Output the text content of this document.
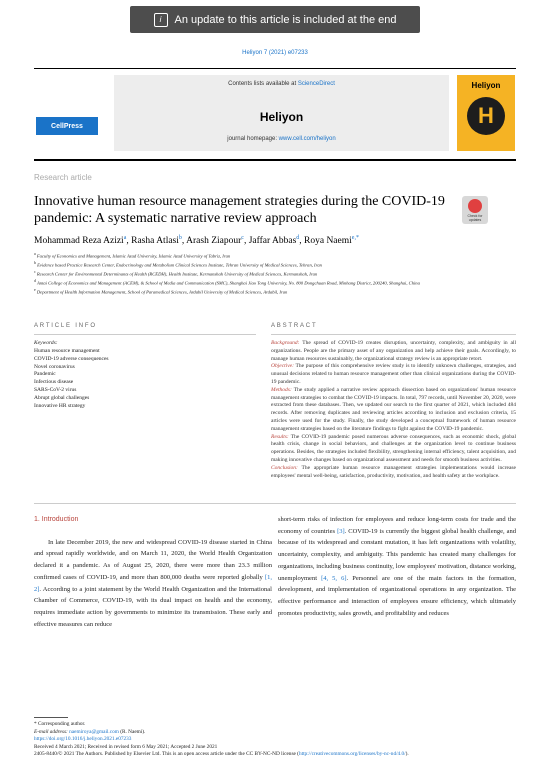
i	An update to this article is included at the end
Heliyon 7 (2021) e07233
CellPress
Contents lists available at ScienceDirect
Heliyon
journal homepage: www.cell.com/heliyon
Heliyon
H
Research article
Innovative human resource management strategies during the COVID-19 pandemic: A systematic narrative review approach	Check for updates
Mohammad Reza Azizi$^a$, Rasha Atlasi$^b$, Arash Ziapour$^c$, Jaffar Abbas$^d$, Roya Naemi$^{e,*}$
$^a$ Faculty of Economics and Management, Islamic Azad University, Islamic Azad University of Tabriz, Iran
$^b$ Evidence based Practice Research Center, Endocrinology and Metabolism Clinical Sciences Institute, Tehran University of Medical Sciences, Tehran, Iran
$^c$ Research Center for Environmental Determinants of Health (RCEDH), Health Institute, Kermanshah University of Medical Sciences, Kermanshah, Iran
$^d$ Antai College of Economics and Management (ACEM), & School of Media and Communication (SMC), Shanghai Jiao Tong University, No. 800 Dongchuan Road, Minhang District, 200240, Shanghai, China
$^e$ Department of Health Information Management, School of Paramedical Sciences, Ardabil University of Medical Sciences, Ardabil, Iran
ARTICLE INFO	ABSTRACT
Keywords:
Human resource management
COVID-19 adverse consequences
Novel coronavirus
Pandemic
Infectious disease
SARS-CoV-2 virus
Abrupt global challenges
Innovative HR strategy
Background: The spread of COVID-19 creates disruption, uncertainty, complexity, and ambiguity in all organizations. People are the primary asset of any organization and help achieve their goals. Accordingly, to manage human resources sustainably, the organizational strategy review is an appropriate retort.
Objective: The purpose of this comprehensive review study is to identify unknown challenges, strategies, and unusual decisions related to human resource management other than clinical organizations during the COVID-19 pandemic.
Methods: The study applied a narrative review approach dissection based on organizations' human resource management strategies to combat the COVID-19 impacts. In total, 797 records, until November 20, 2020, were extracted from these databases. Then, we updated our search to the first quarter of 2021, which included 484 records. After removing duplicates and reviewing articles according to inclusion and exclusion criteria, 15 articles were used for the study. Finally, the study developed a conceptual framework of human resource management strategies based on the literature findings to fight against the COVID-19 pandemic.
Results: The COVID-19 pandemic posed numerous adverse consequences, such as economic shock, global health crisis, change in social behaviors, and challenges at the organization level to continue business operations. Besides, the strategies included flexibility, strengthening internal efficiency, talent acquisition, and making innovative changes based on organizational assessment and needs for smooth business activities.
Conclusion: The appropriate human resource management strategies implementations would increase employees' mental well-being, satisfaction, productivity, motivation, and health safety at the workplace.
1. Introduction
In late December 2019, the new and widespread COVID-19 disease started in China and spread rapidly worldwide, and on March 11, 2020, the World Health Organization declared it a pandemic. As of August 25, 2020, there were more than 23.3 million confirmed cases of COVID-19, and more than 800,000 deaths were reported globally [1, 2]. According to a joint statement by the World Health Organization and the International Chamber of Commerce, COVID-19, with its dual impact on health and the economy, requires immediate action by governments to minimize its transmission. These early and effective measures can reduce
short-term risks of infection for employees and reduce long-term costs for trade and the economy of countries [3]. COVID-19 is currently the biggest global health challenge, and because of its widespread and constant mutation, it has left organizations with volatility, uncertainty, complexity, and ambiguity. This pandemic has created many challenges for organizations, including business continuity, low employees' motivation, distance working, unemployment [4, 5, 6]. Personnel are one of the main factors in the formation, development, and implementation of organizational operations in any organization. The effective performance and interaction of employees ensure efficiency, which ultimately promotes productivity, sales growth, and profitability and reduces
* Corresponding author.
E-mail address: naemiroya@gmail.com (R. Naemi).
https://doi.org/10.1016/j.heliyon.2021.e07233
Received 4 March 2021; Received in revised form 6 May 2021; Accepted 2 June 2021
2405-8440/© 2021 The Authors. Published by Elsevier Ltd. This is an open access article under the CC BY-NC-ND license (http://creativecommons.org/licenses/by-nc-nd/4.0/).
